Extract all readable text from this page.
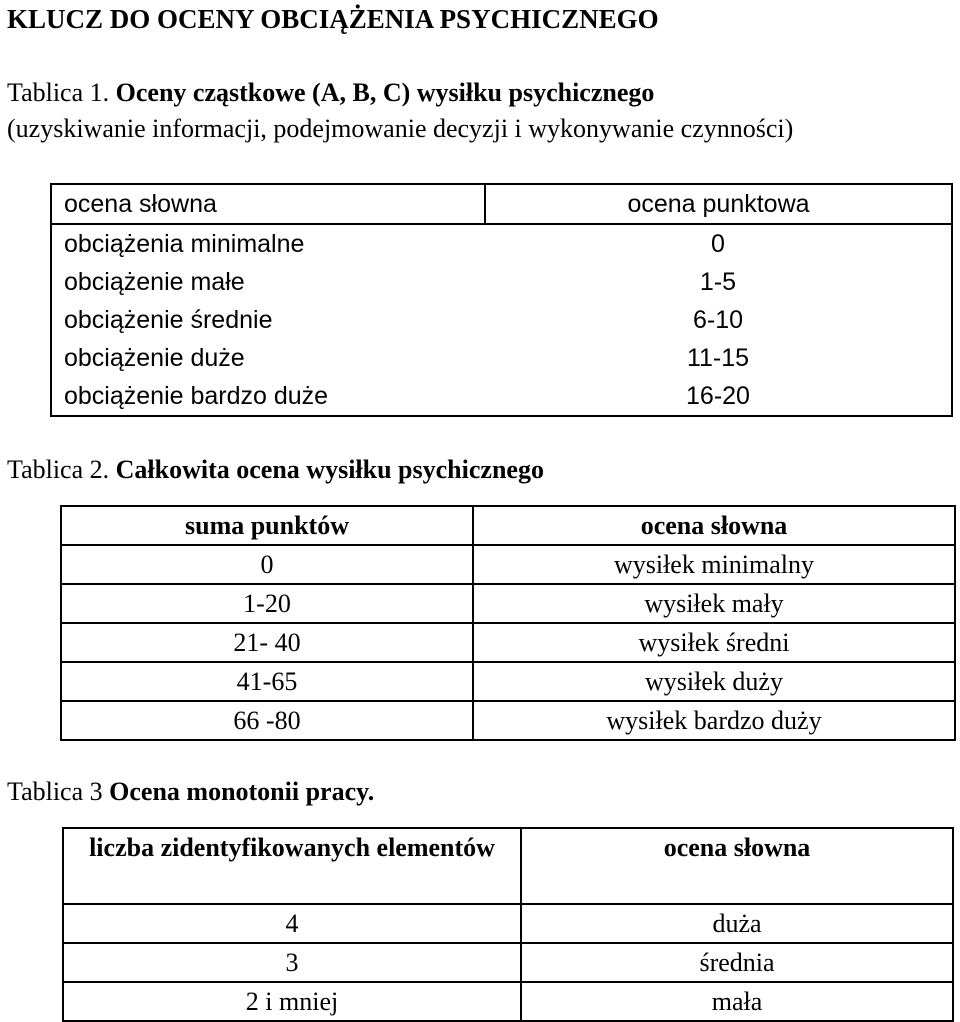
KLUCZ DO OCENY OBCIĄŻENIA PSYCHICZNEGO
Tablica 1. Oceny cząstkowe (A, B, C) wysiłku psychicznego
(uzyskiwanie informacji, podejmowanie decyzji i wykonywanie czynności)
ocena słowna	ocena punktowa
obciążenia minimalne	0
obciążenie małe	1-5
obciążenie średnie	6-10
obciążenie duże	11-15
obciążenie bardzo duże	16-20
Tablica 2. Całkowita ocena wysiłku psychicznego
suma punktów	ocena słowna
0	wysiłek minimalny
1-20	wysiłek mały
21- 40	wysiłek średni
41-65	wysiłek duży
66 -80	wysiłek bardzo duży
Tablica 3 Ocena monotonii pracy.
liczba zidentyfikowanych elementów	ocena słowna
4	duża
3	średnia
2 i mniej	mała
